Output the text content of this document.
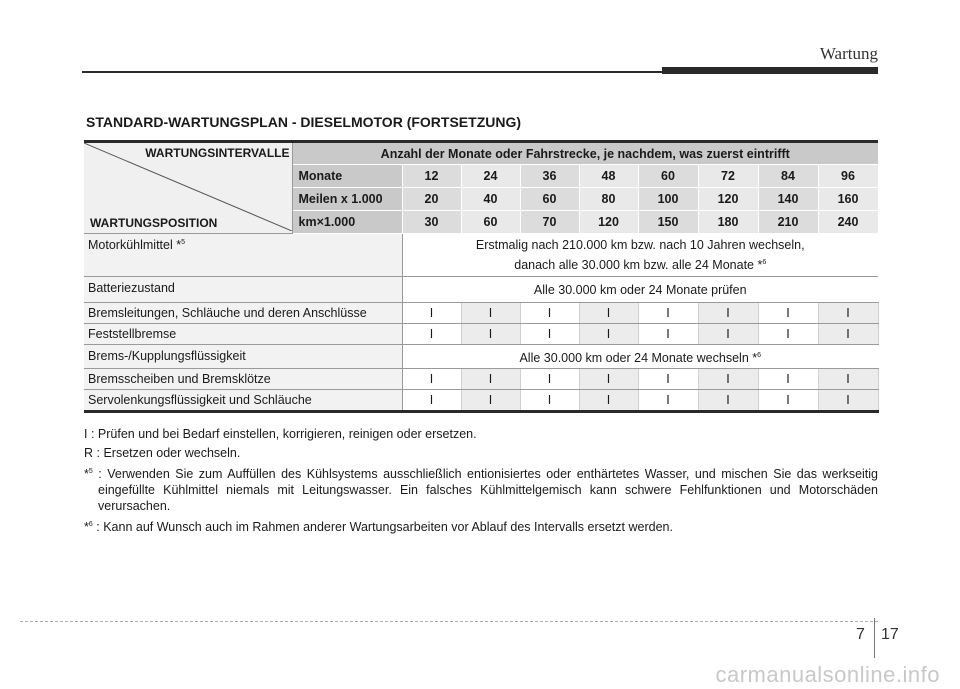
Wartung
STANDARD-WARTUNGSPLAN - DIESELMOTOR (FORTSETZUNG)
WARTUNGSINTERVALLE
WARTUNGSPOSITION	Anzahl der Monate oder Fahrstrecke, je nachdem, was zuerst eintrifft								
	Monate	12	24	36	48	60	72	84	96
	Meilen x 1.000	20	40	60	80	100	120	140	160
	km×1.000	30	60	70	120	150	180	210	240
Motorkühlmittel *$^5$		Erstmalig nach 210.000 km bzw. nach 10 Jahren wechseln,
danach alle 30.000 km bzw. alle 24 Monate *$^6$

Batteriezustand		Alle 30.000 km oder 24 Monate prüfen							
Bremsleitungen, Schläuche und deren Anschlüsse		I	I	I	I	I	I	I	I
Feststellbremse		I	I	I	I	I	I	I	I
Brems-/Kupplungsflüssigkeit		Alle 30.000 km oder 24 Monate wechseln *$^6$
Bremsscheiben und Bremsklötze		I	I	I	I	I	I	I	I
Servolenkungsflüssigkeit und Schläuche		I	I	I	I	I	I	I	I
I : Prüfen und bei Bedarf einstellen, korrigieren, reinigen oder ersetzen.
R : Ersetzen oder wechseln.
*$^5$ : Verwenden Sie zum Auffüllen des Kühlsystems ausschließlich entionisiertes oder enthärtetes Wasser, und mischen Sie das werkseitig eingefüllte Kühlmittel niemals mit Leitungswasser. Ein falsches Kühlmittelgemisch kann schwere Fehlfunktionen und Motorschäden verursachen.
*$^6$ : Kann auf Wunsch auch im Rahmen anderer Wartungsarbeiten vor Ablauf des Intervalls ersetzt werden.
7 17
carmanualsonline.info
